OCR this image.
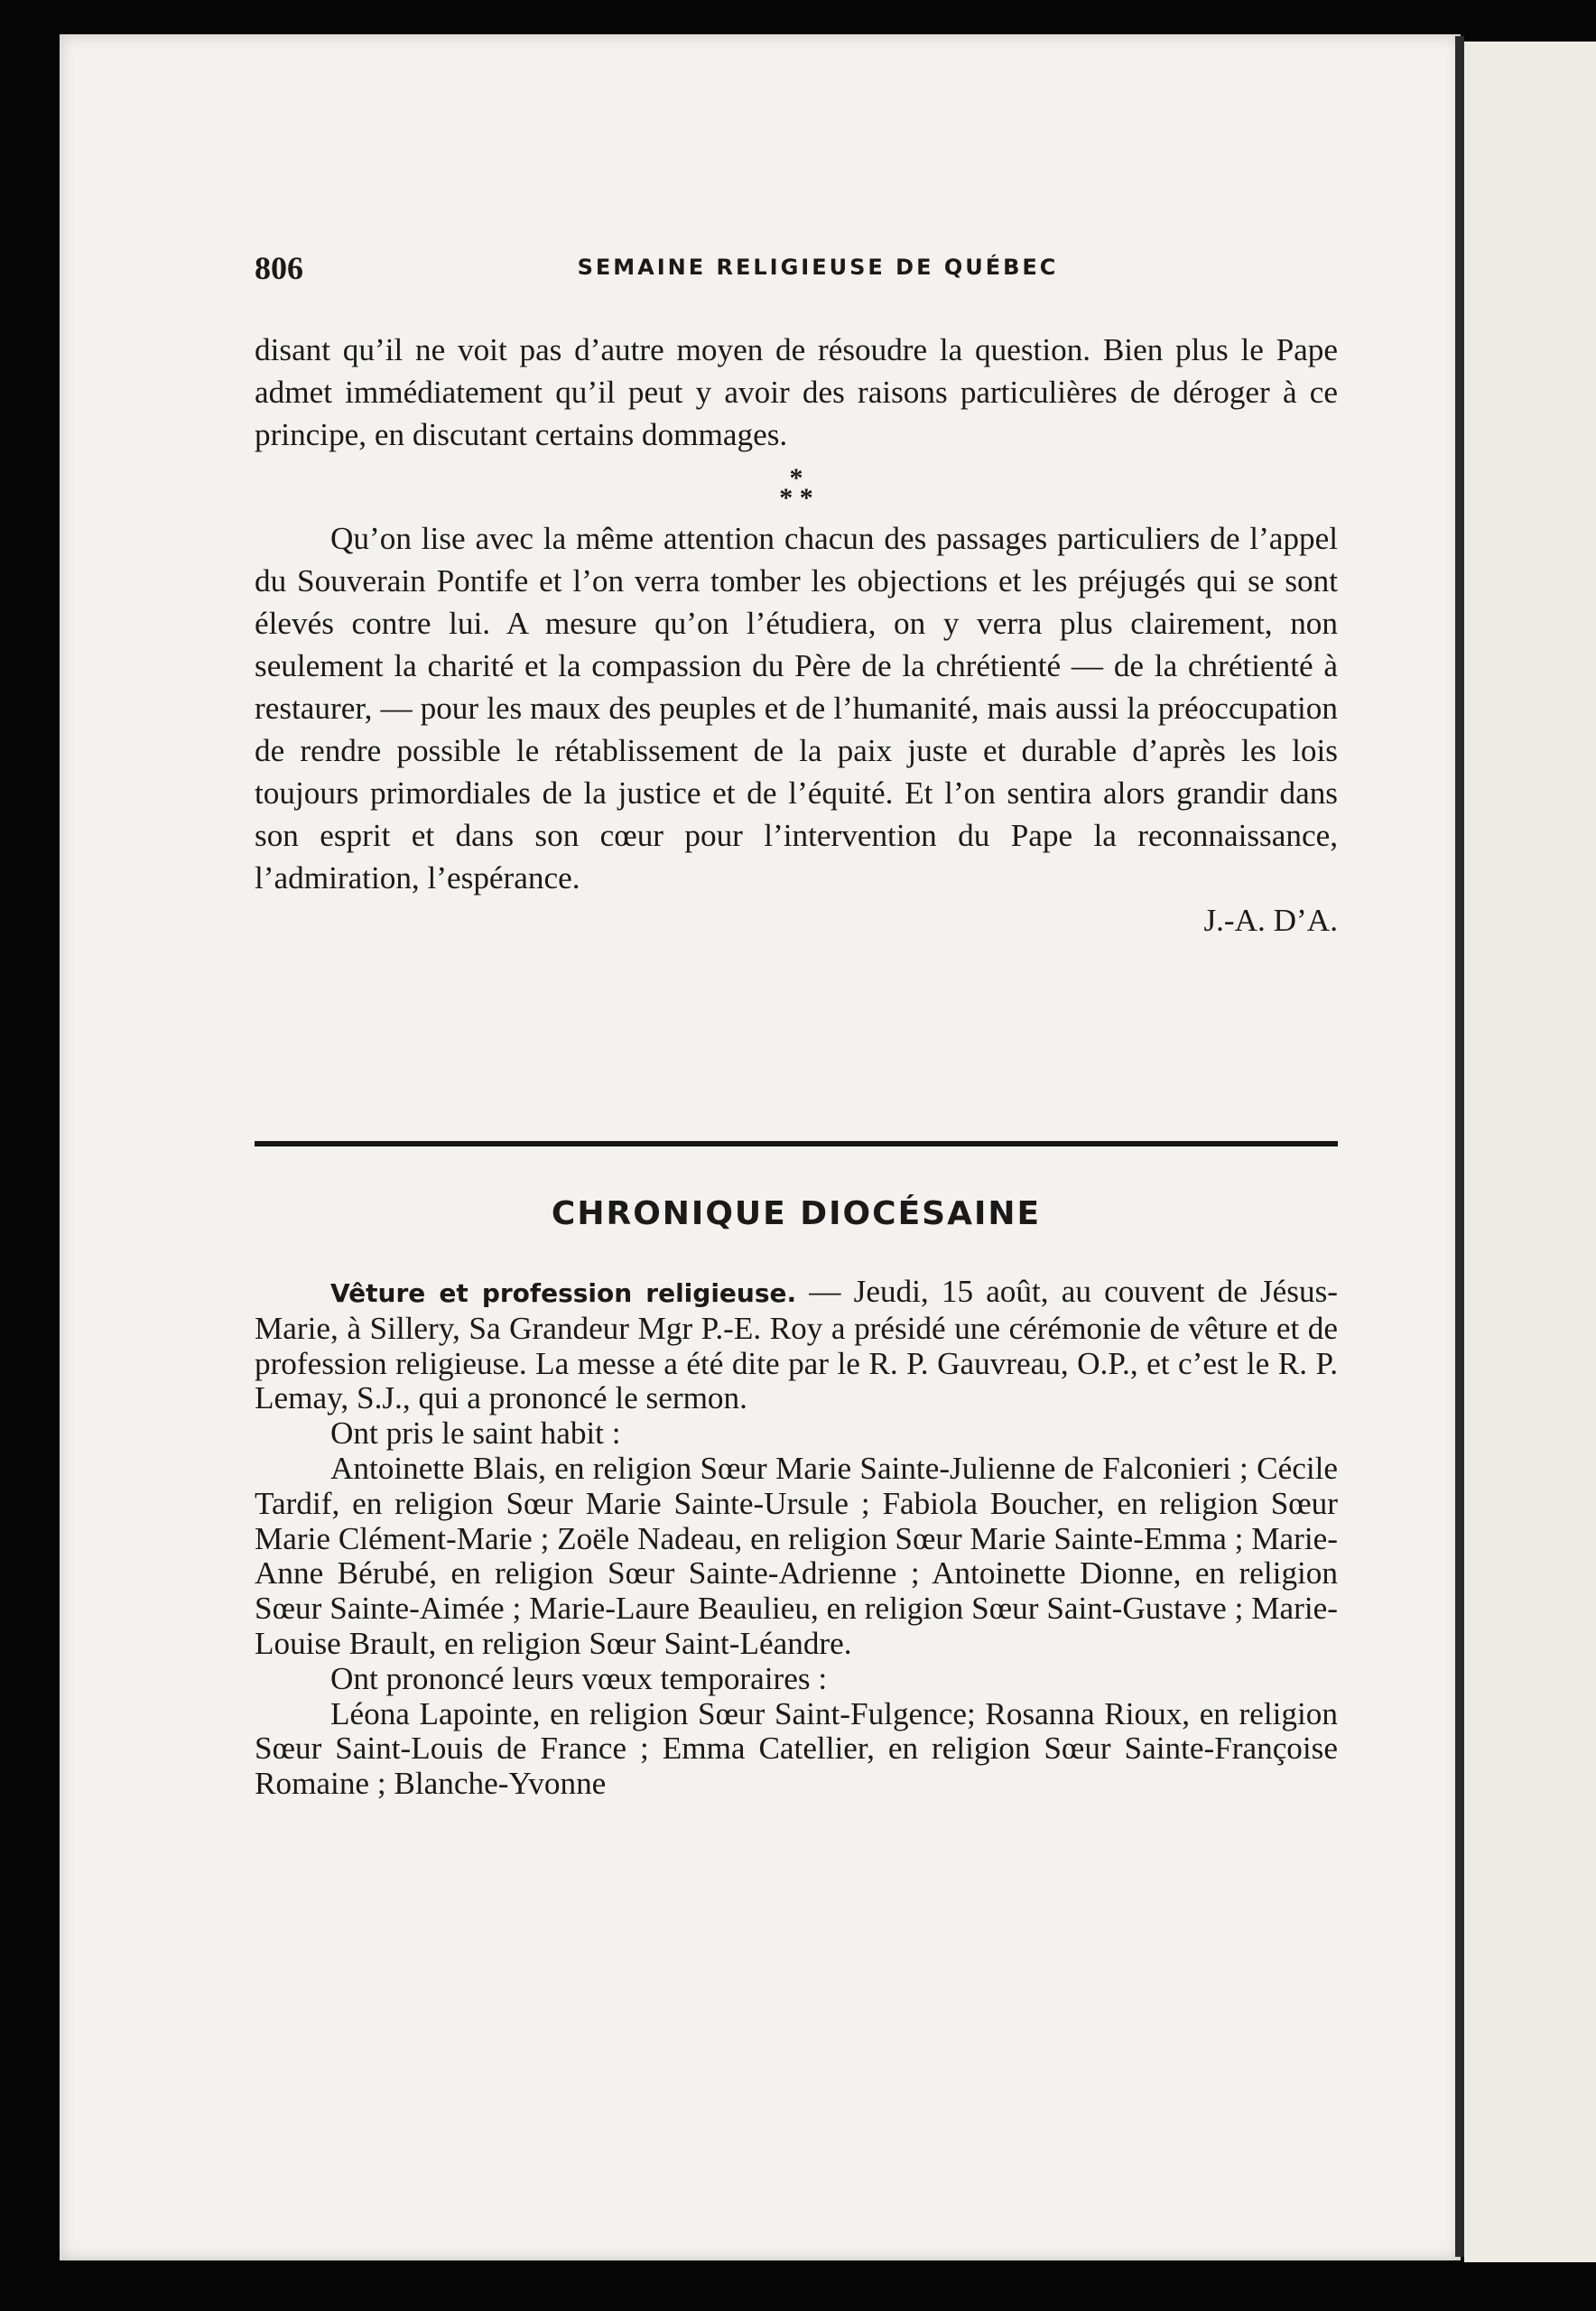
806	SEMAINE RELIGIEUSE DE QUÉBEC

disant qu’il ne voit pas d’autre moyen de résoudre la question. Bien plus le Pape admet immédiatement qu’il peut y avoir des raisons particulières de déroger à ce principe, en discutant certains dommages.

*
* *

Qu’on lise avec la même attention chacun des passages particuliers de l’appel du Souverain Pontife et l’on verra tomber les objections et les préjugés qui se sont élevés contre lui. A mesure qu’on l’étudiera, on y verra plus clairement, non seulement la charité et la compassion du Père de la chrétienté — de la chrétienté à restaurer, — pour les maux des peuples et de l’humanité, mais aussi la préoccupation de rendre possible le rétablissement de la paix juste et durable d’après les lois toujours primordiales de la justice et de l’équité. Et l’on sentira alors grandir dans son esprit et dans son cœur pour l’intervention du Pape la reconnaissance, l’admiration, l’espérance.

J.-A. D’A.

CHRONIQUE DIOCÉSAINE

Vêture et profession religieuse. — Jeudi, 15 août, au couvent de Jésus-Marie, à Sillery, Sa Grandeur Mgr P.-E. Roy a présidé une cérémonie de vêture et de profession religieuse. La messe a été dite par le R. P. Gauvreau, O.P., et c’est le R. P. Lemay, S.J., qui a prononcé le sermon.

Ont pris le saint habit :

Antoinette Blais, en religion Sœur Marie Sainte-Julienne de Falconieri ; Cécile Tardif, en religion Sœur Marie Sainte-Ursule ; Fabiola Boucher, en religion Sœur Marie Clément-Marie ; Zoële Nadeau, en religion Sœur Marie Sainte-Emma ; Marie-Anne Bérubé, en religion Sœur Sainte-Adrienne ; Antoinette Dionne, en religion Sœur Sainte-Aimée ; Marie-Laure Beaulieu, en religion Sœur Saint-Gustave ; Marie-Louise Brault, en religion Sœur Saint-Léandre.

Ont prononcé leurs vœux temporaires :

Léona Lapointe, en religion Sœur Saint-Fulgence; Rosanna Rioux, en religion Sœur Saint-Louis de France ; Emma Catellier, en religion Sœur Sainte-Françoise Romaine ; Blanche-Yvonne
